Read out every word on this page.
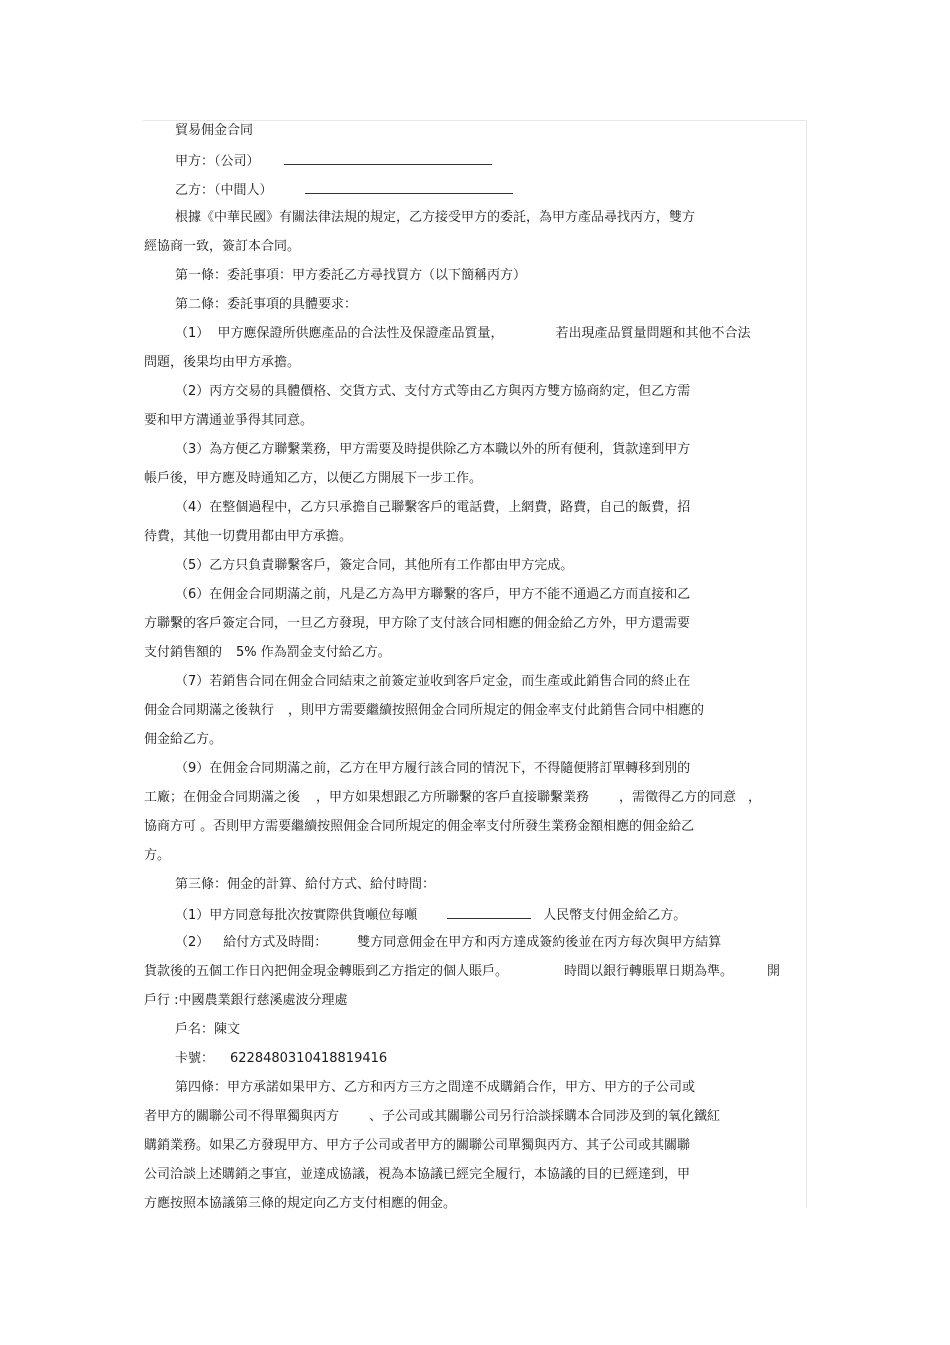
貿易佣金合同
甲方：（公司）
乙方：（中間人）
根據《中華民國》有關法律法規的規定，乙方接受甲方的委託，為甲方產品尋找丙方，雙方
經協商一致，簽訂本合同。
第一條：委託事項：甲方委託乙方尋找買方（以下簡稱丙方）
第二條：委託事項的具體要求：
（1）  甲方應保證所供應產品的合法性及保證產品質量，	若出現產品質量問題和其他不合法
問題，後果均由甲方承擔。
（2）丙方交易的具體價格、交貨方式、支付方式等由乙方與丙方雙方協商約定，但乙方需
要和甲方溝通並爭得其同意。
（3）為方便乙方聯繫業務，甲方需要及時提供除乙方本職以外的所有便利，貨款達到甲方
帳戶後，甲方應及時通知乙方，以便乙方開展下一步工作。
（4）在整個過程中，乙方只承擔自己聯繫客戶的電話費，上網費，路費，自己的飯費，招
待費，其他一切費用都由甲方承擔。
（5）乙方只負責聯繫客戶，簽定合同，其他所有工作都由甲方完成。
（6）在佣金合同期滿之前，凡是乙方為甲方聯繫的客戶，甲方不能不通過乙方而直接和乙
方聯繫的客戶簽定合同，一旦乙方發現，甲方除了支付該合同相應的佣金給乙方外，甲方還需要
支付銷售額的 5% 作為罰金支付給乙方。
（7）若銷售合同在佣金合同結束之前簽定並收到客戶定金，而生產或此銷售合同的終止在
佣金合同期滿之後執行 ，則甲方需要繼續按照佣金合同所規定的佣金率支付此銷售合同中相應的
佣金給乙方。
（9）在佣金合同期滿之前，乙方在甲方履行該合同的情況下，不得隨便將訂單轉移到別的
工廠；在佣金合同期滿之後 ，甲方如果想跟乙方所聯繫的客戶直接聯繫業務 ，需徵得乙方的同意 ，
協商方可 。否則甲方需要繼續按照佣金合同所規定的佣金率支付所發生業務金額相應的佣金給乙
方。
第三條：佣金的計算、給付方式、給付時間：
（1）甲方同意每批次按實際供貨噸位每噸	人民幣支付佣金給乙方。
（2） 給付方式及時間： 雙方同意佣金在甲方和丙方達成簽約後並在丙方每次與甲方結算
貨款後的五個工作日內把佣金現金轉賬到乙方指定的個人賬戶。	時間以銀行轉賬單日期為準。	開
戶行 :中國農業銀行慈溪處波分理處
戶名：陳文
卡號： 6228480310418819416
第四條：甲方承諾如果甲方、乙方和丙方三方之間達不成購銷合作，甲方、甲方的子公司或
者甲方的關聯公司不得單獨與丙方 、子公司或其關聯公司另行洽談採購本合同涉及到的氧化鐵紅
購銷業務。如果乙方發現甲方、甲方子公司或者甲方的關聯公司單獨與丙方、其子公司或其關聯
公司洽談上述購銷之事宜，並達成協議，視為本協議已經完全履行，本協議的目的已經達到，甲
方應按照本協議第三條的規定向乙方支付相應的佣金。
